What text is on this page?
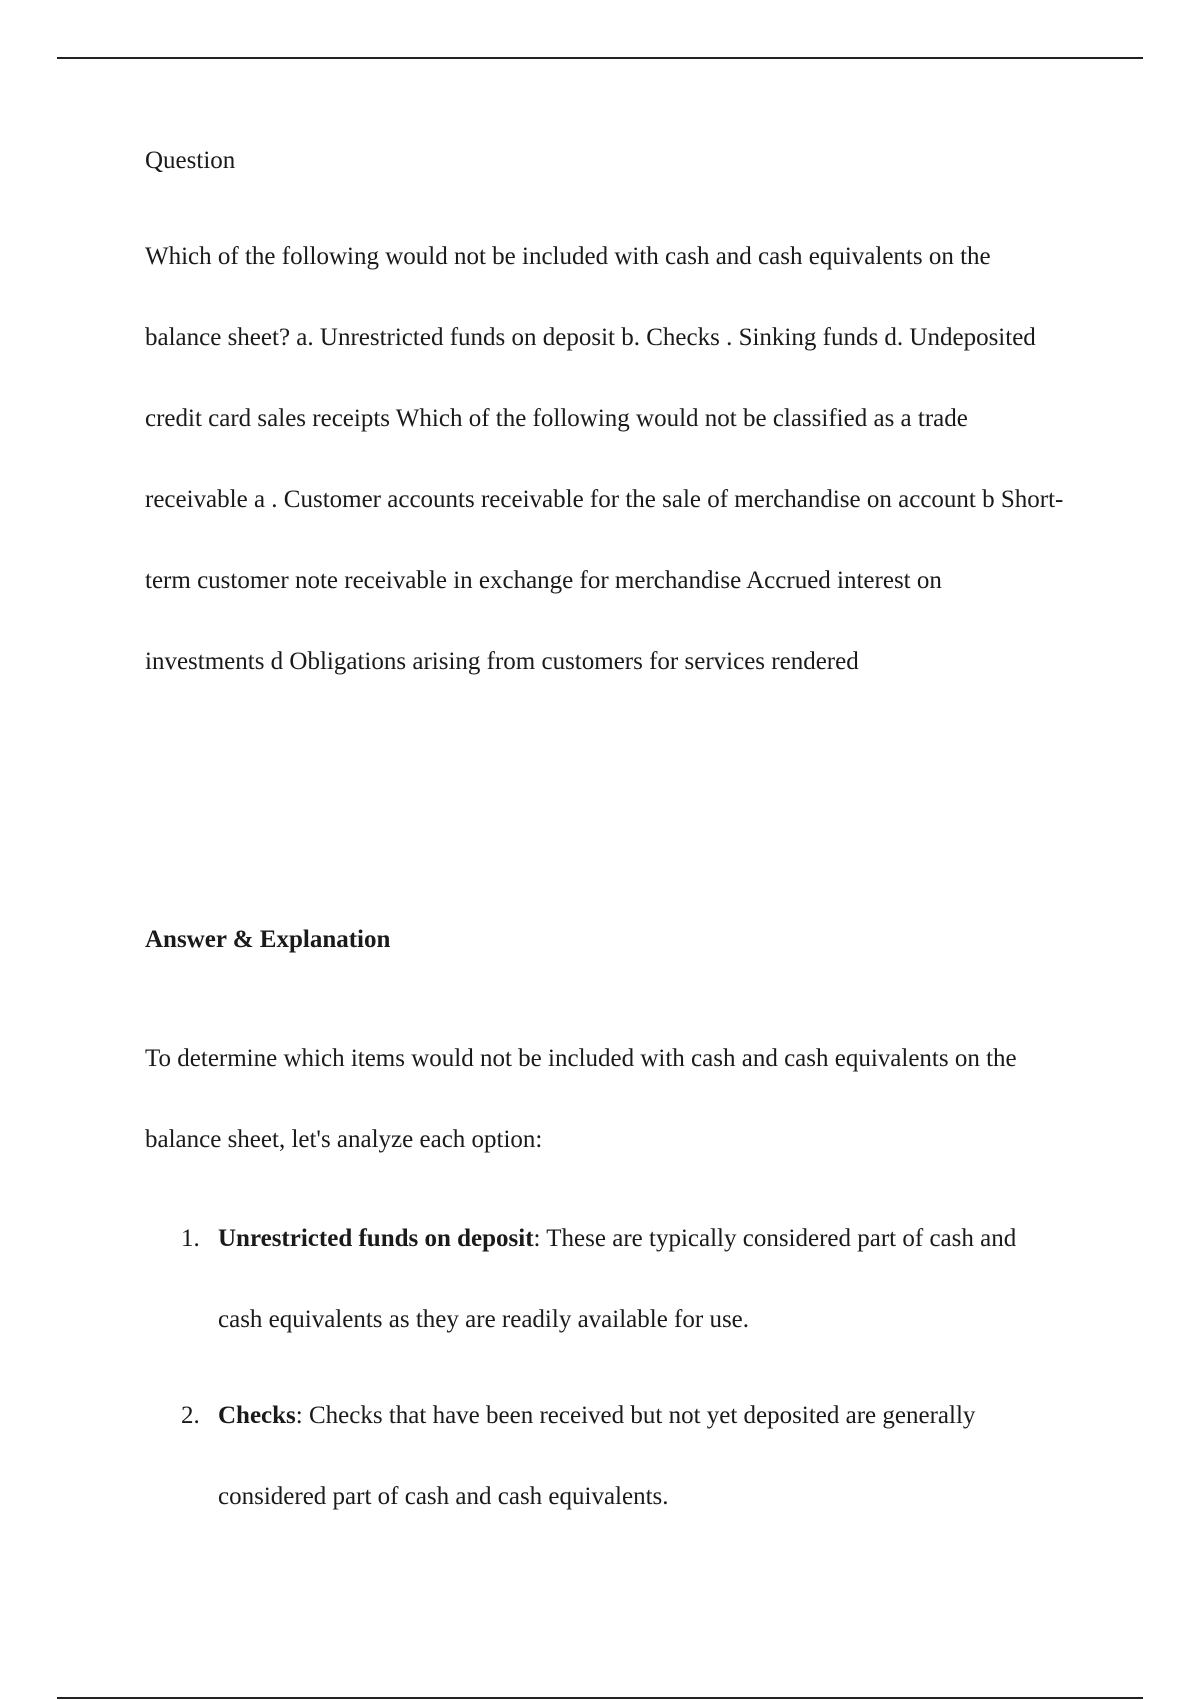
Question

Which of the following would not be included with cash and cash equivalents on the balance sheet? a. Unrestricted funds on deposit b. Checks . Sinking funds d. Undeposited credit card sales receipts Which of the following would not be classified as a trade receivable a . Customer accounts receivable for the sale of merchandise on account b Short-term customer note receivable in exchange for merchandise Accrued interest on investments d Obligations arising from customers for services rendered

Answer & Explanation

To determine which items would not be included with cash and cash equivalents on the balance sheet, let's analyze each option:

1. Unrestricted funds on deposit: These are typically considered part of cash and cash equivalents as they are readily available for use.
2. Checks: Checks that have been received but not yet deposited are generally considered part of cash and cash equivalents.
